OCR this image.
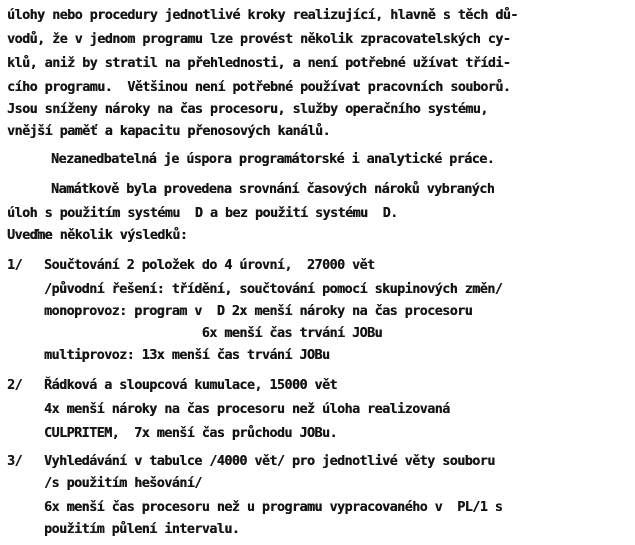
úlohy nebo procedury jednotlivé kroky realizující, hlavně s těch dů-
vodů, že v jednom programu lze provést několik zpracovatelských cy-
klů, aniž by stratil na přehlednosti, a není potřebné užívat třídi-
cího programu.  Většinou není potřebné používat pracovních souborů.
Jsou sníženy nároky na čas procesoru, služby operačního systému,
vnější paměť a kapacitu přenosových kanálů.
Nezanedbatelná je úspora programátorské i analytické práce.
Namátkově byla provedena srovnání časových nároků vybraných
úloh s použitím systému  D a bez použití systému  D.
Uveďme několik výsledků:
1/ Součtování 2 položek do 4 úrovní,  27000 vět
/původní řešení: třídění, součtování pomocí skupinových změn/
monoprovoz: program v  D 2x menší nároky na čas procesoru
6x menší čas trvání JOBu
multiprovoz: 13x menší čas trvání JOBu
2/ Řádková a sloupcová kumulace, 15000 vět
4x menší nároky na čas procesoru než úloha realizovaná
CULPRITEM,  7x menší čas průchodu JOBu.
3/ Vyhledávání v tabulce /4000 vět/ pro jednotlivé věty souboru
/s použitím hešování/
6x menší čas procesoru než u programu vypracovaného v  PL/1 s
použitím půlení intervalu.
